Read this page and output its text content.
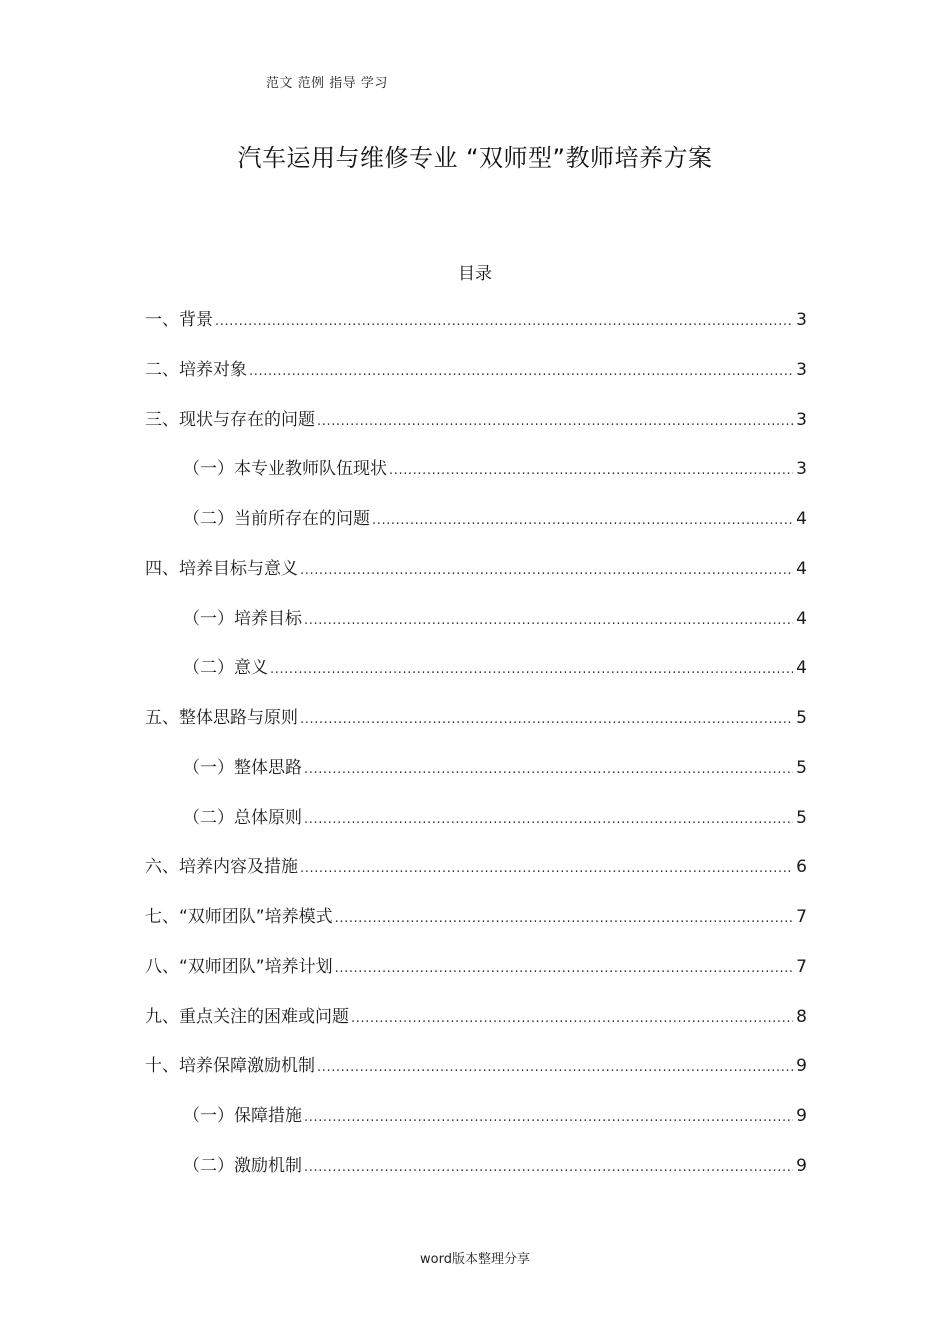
范文 范例 指导 学习
汽车运用与维修专业 “双师型”教师培养方案
目录
一、背景 .....	3
二、培养对象 .....	3
三、现状与存在的问题 .....	3
（一）本专业教师队伍现状 .....	3
（二）当前所存在的问题 .....	4
四、培养目标与意义 .....	4
（一）培养目标 .....	4
（二）意义 .....	4
五、整体思路与原则 .....	5
（一）整体思路 .....	5
（二）总体原则 .....	5
六、培养内容及措施 .....	6
七、“双师团队”培养模式 .....	7
八、“双师团队”培养计划 .....	7
九、重点关注的困难或问题 .....	8
十、培养保障激励机制 .....	9
（一）保障措施 .....	9
（二）激励机制 .....	9
word版本整理分享
